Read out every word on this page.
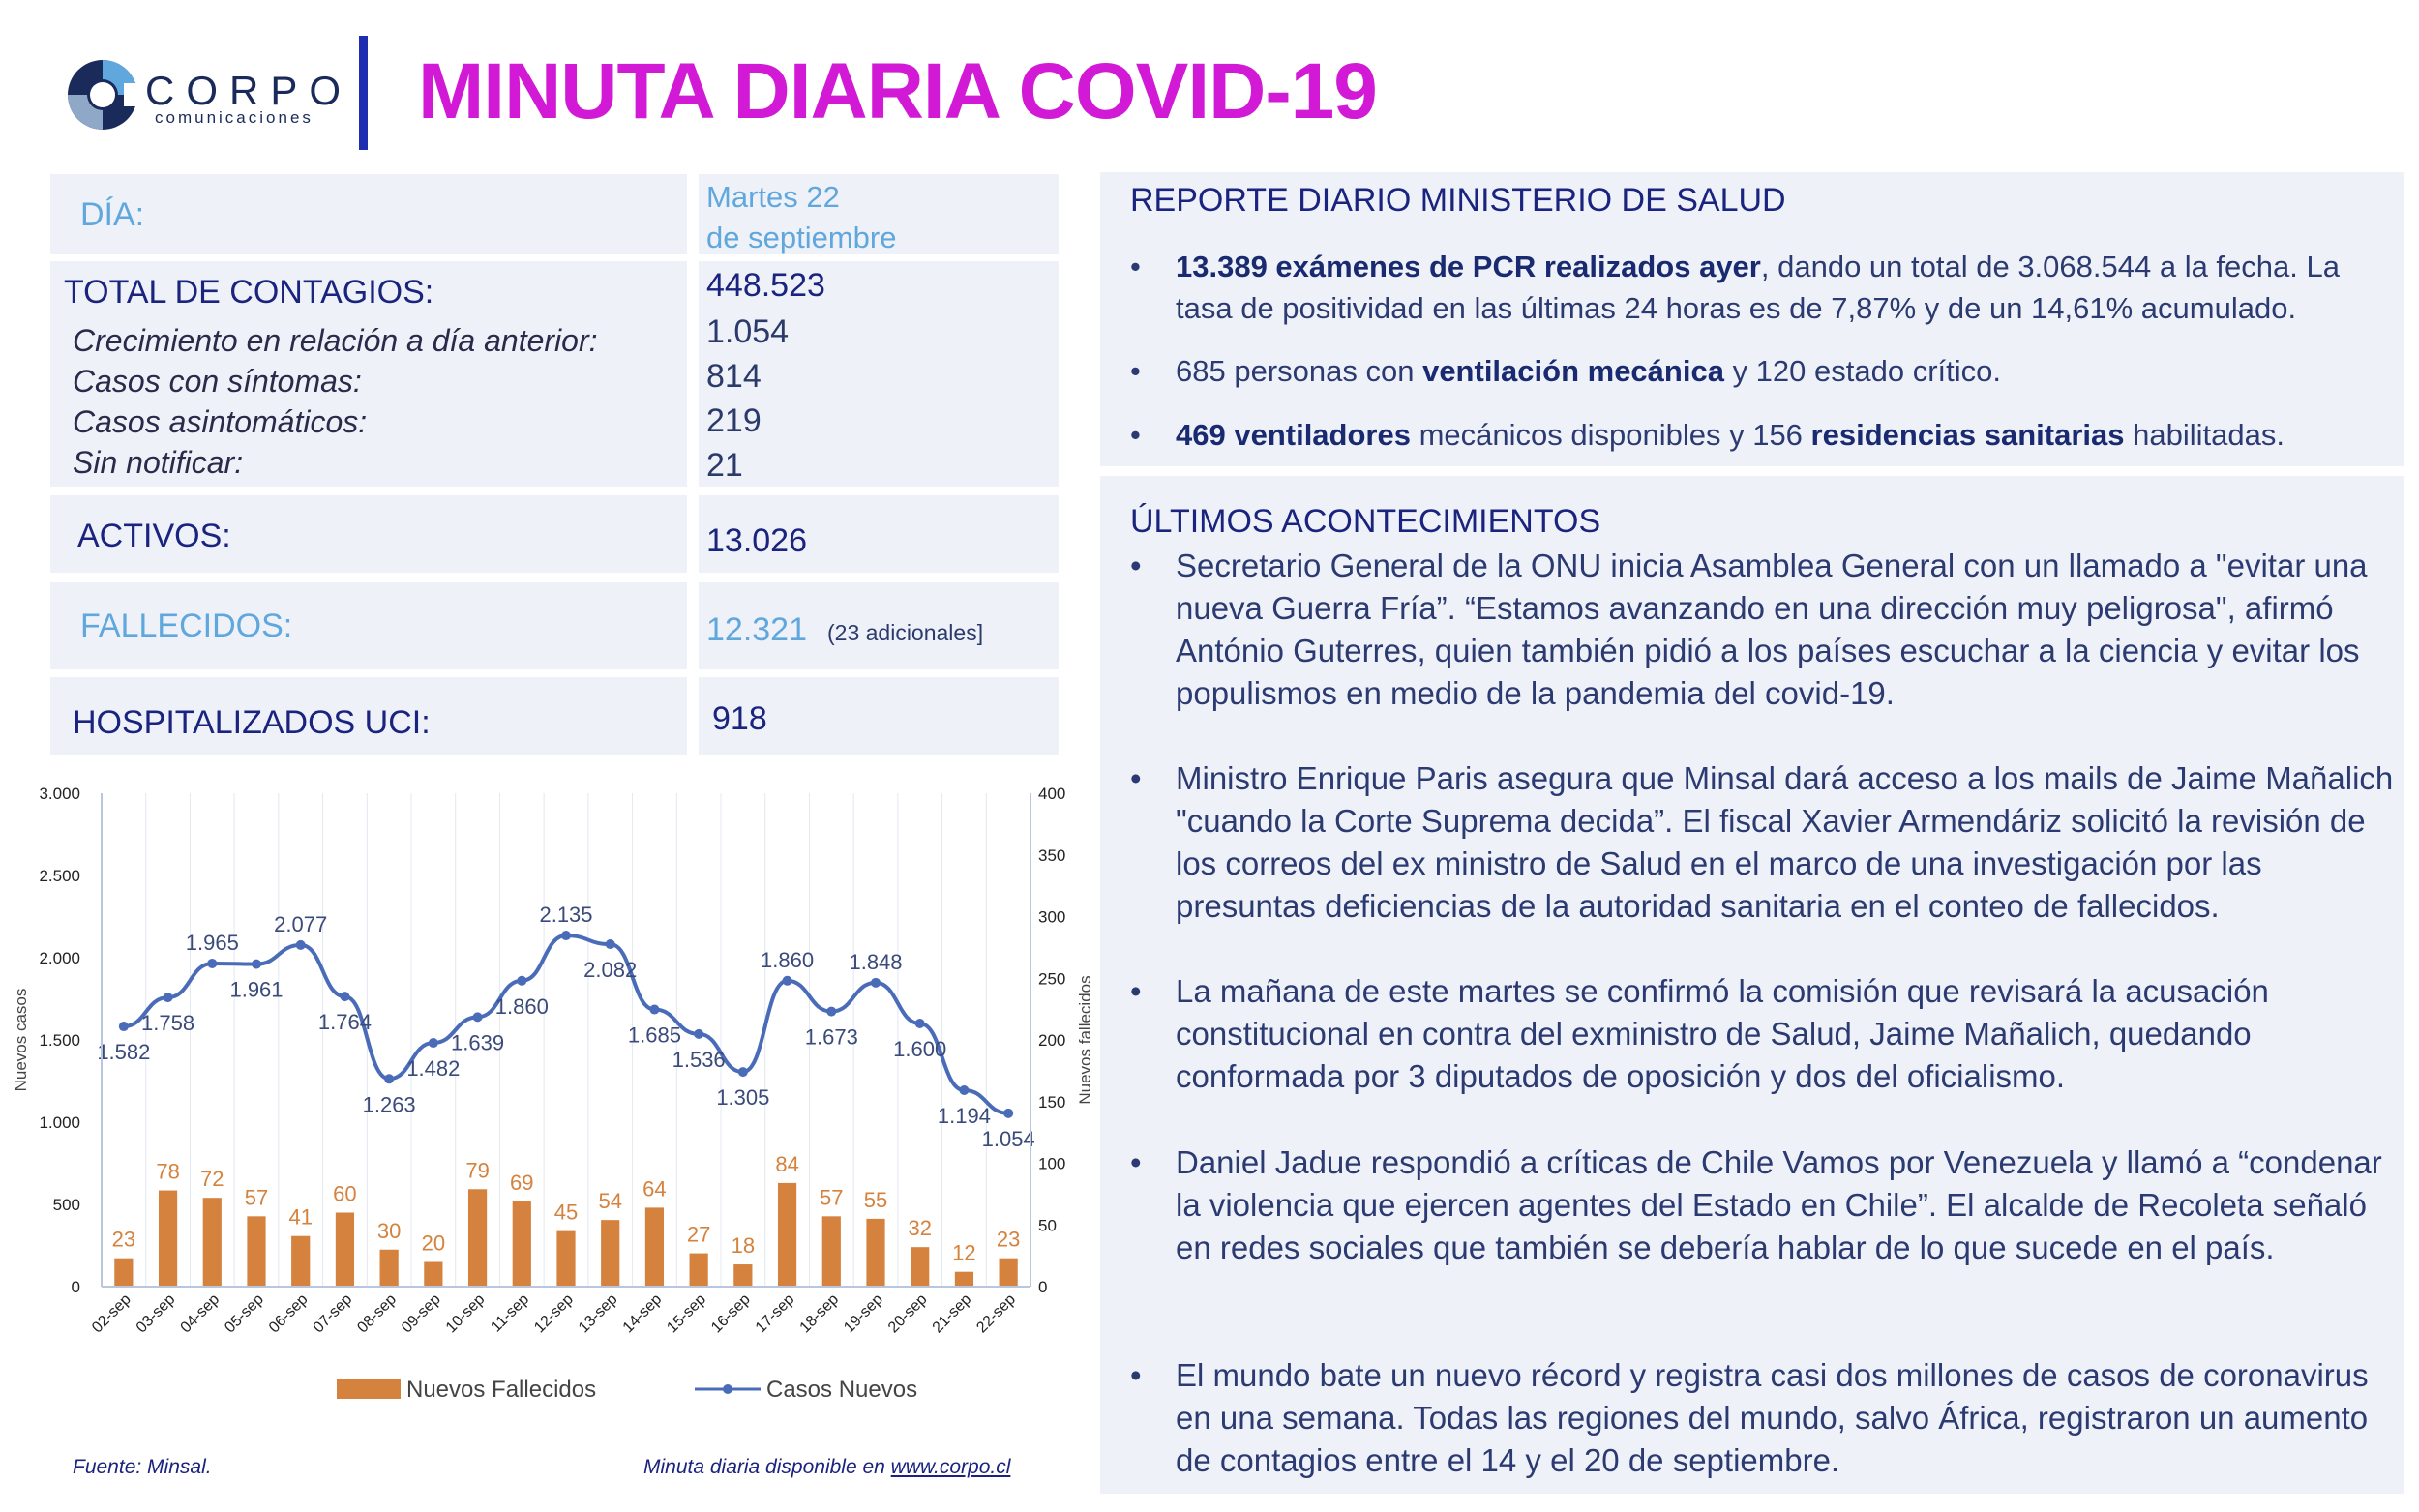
CORPO
comunicaciones MINUTA DIARIA COVID-19
DÍA:	Martes 22
de septiembre
TOTAL DE CONTAGIOS:	448.523
Crecimiento en relación a día anterior:	1.054
Casos con síntomas:	814
Casos asintomáticos:	219
Sin notificar:	21
ACTIVOS:	13.026
FALLECIDOS:	12.321 (23 adicionales]
HOSPITALIZADOS UCI:	918
23
78 72
57
41
60
30
20
79
69
45 54
64
27 18
84
57 55
32
12
23
1.582
1.758
1.965
1.961
2.077
1.764
1.263
1.482
1.639
1.860
2.135
2.082
1.685
1.536
1.305
1.860
1.673
1.848
1.600
1.194
1.054
0
500
1.000
1.500
2.000
2.500
3.000
0
50
100
150
200
250
300
350
400
Nuevos casos	Nuevos fallecidos
02-sep 03-sep 04-sep 05-sep 06-sep 07-sep 08-sep 09-sep 10-sep 11-sep 12-sep 13-sep 14-sep 15-sep 16-sep 17-sep 18-sep 19-sep 20-sep 21-sep 22-sep
Nuevos Fallecidos	Casos Nuevos
Fuente: Minsal.	Minuta diaria disponible en www.corpo.cl
REPORTE DIARIO MINISTERIO DE SALUD
• 13.389 exámenes de PCR realizados ayer, dando un total de 3.068.544 a la fecha. La tasa de positividad en las últimas 24 horas es de 7,87% y de un 14,61% acumulado.
• 685 personas con ventilación mecánica y 120 estado crítico.
• 469 ventiladores mecánicos disponibles y 156 residencias sanitarias habilitadas.
ÚLTIMOS ACONTECIMIENTOS
• Secretario General de la ONU inicia Asamblea General con un llamado a "evitar una nueva Guerra Fría”. “Estamos avanzando en una dirección muy peligrosa", afirmó António Guterres, quien también pidió a los países escuchar a la ciencia y evitar los populismos en medio de la pandemia del covid-19.
• Ministro Enrique Paris asegura que Minsal dará acceso a los mails de Jaime Mañalich "cuando la Corte Suprema decida”. El fiscal Xavier Armendáriz solicitó la revisión de los correos del ex ministro de Salud en el marco de una investigación por las presuntas deficiencias de la autoridad sanitaria en el conteo de fallecidos.
• La mañana de este martes se confirmó la comisión que revisará la acusación constitucional en contra del exministro de Salud, Jaime Mañalich, quedando conformada por 3 diputados de oposición y dos del oficialismo.
• Daniel Jadue respondió a críticas de Chile Vamos por Venezuela y llamó a “condenar la violencia que ejercen agentes del Estado en Chile”. El alcalde de Recoleta señaló en redes sociales que también se debería hablar de lo que sucede en el país.
• El mundo bate un nuevo récord y registra casi dos millones de casos de coronavirus en una semana. Todas las regiones del mundo, salvo África, registraron un aumento de contagios entre el 14 y el 20 de septiembre.
